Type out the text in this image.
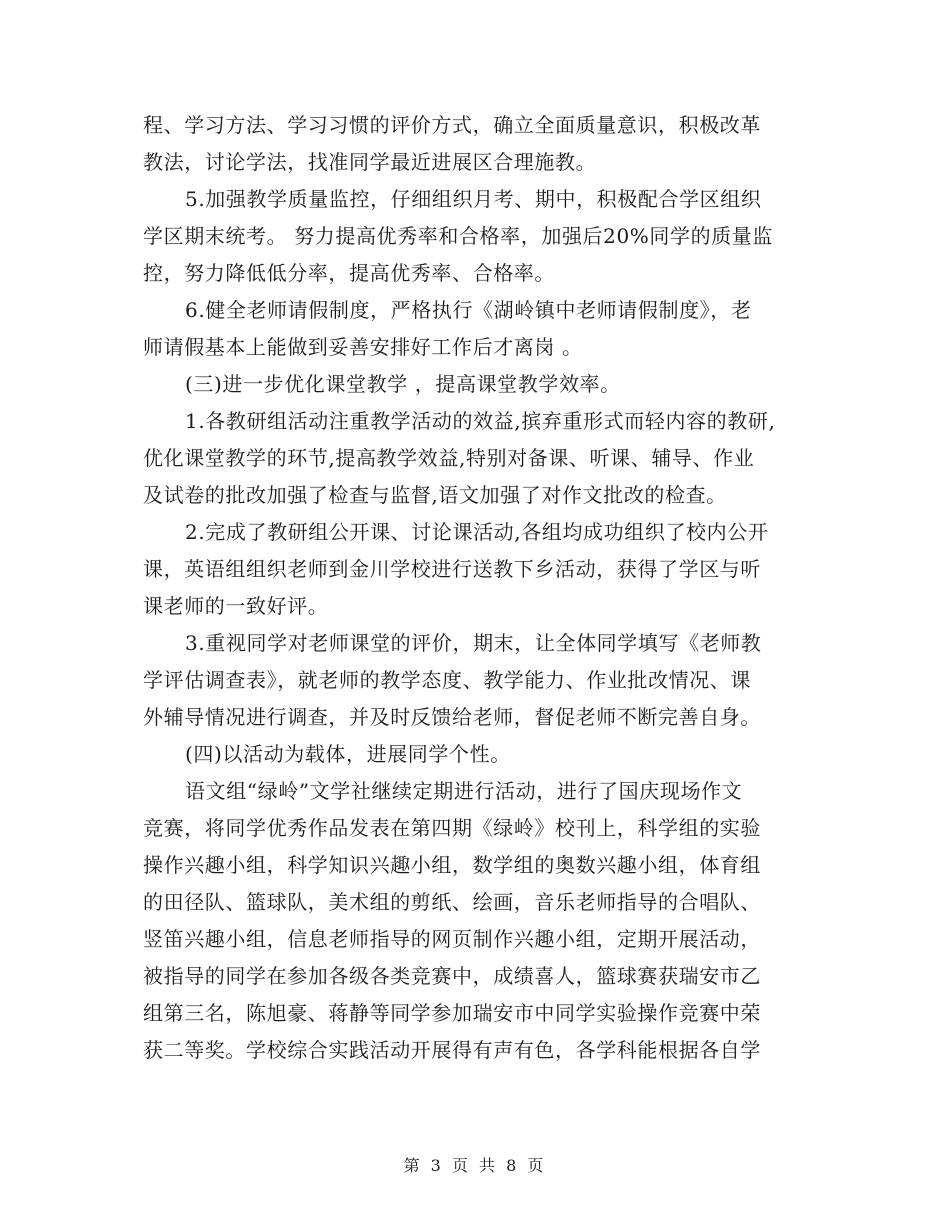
程、学习方法、学习习惯的评价方式，确立全面质量意识，积极改革
教法，讨论学法，找准同学最近进展区合理施教。
5.加强教学质量监控，仔细组织月考、期中，积极配合学区组织
学区期末统考。 努力提高优秀率和合格率，加强后20%同学的质量监
控，努力降低低分率，提高优秀率、合格率。
6.健全老师请假制度，严格执行《湖岭镇中老师请假制度》，老
师请假基本上能做到妥善安排好工作后才离岗 。
(三)进一步优化课堂教学 ，提高课堂教学效率。
1.各教研组活动注重教学活动的效益,摈弃重形式而轻内容的教研,
优化课堂教学的环节,提高教学效益,特别对备课、听课、辅导、作业
及试卷的批改加强了检查与监督,语文加强了对作文批改的检查。
2.完成了教研组公开课、讨论课活动,各组均成功组织了校内公开
课，英语组组织老师到金川学校进行送教下乡活动，获得了学区与听
课老师的一致好评。
3.重视同学对老师课堂的评价，期末，让全体同学填写《老师教
学评估调查表》，就老师的教学态度、教学能力、作业批改情况、课
外辅导情况进行调查，并及时反馈给老师，督促老师不断完善自身。
(四)以活动为载体，进展同学个性。
语文组“绿岭”文学社继续定期进行活动，进行了国庆现场作文
竞赛，将同学优秀作品发表在第四期《绿岭》校刊上，科学组的实验
操作兴趣小组，科学知识兴趣小组，数学组的奥数兴趣小组，体育组
的田径队、篮球队，美术组的剪纸、绘画，音乐老师指导的合唱队、
竖笛兴趣小组，信息老师指导的网页制作兴趣小组，定期开展活动，
被指导的同学在参加各级各类竞赛中，成绩喜人，篮球赛获瑞安市乙
组第三名，陈旭豪、蒋静等同学参加瑞安市中同学实验操作竞赛中荣
获二等奖。学校综合实践活动开展得有声有色，各学科能根据各自学
第 3 页 共 8 页
